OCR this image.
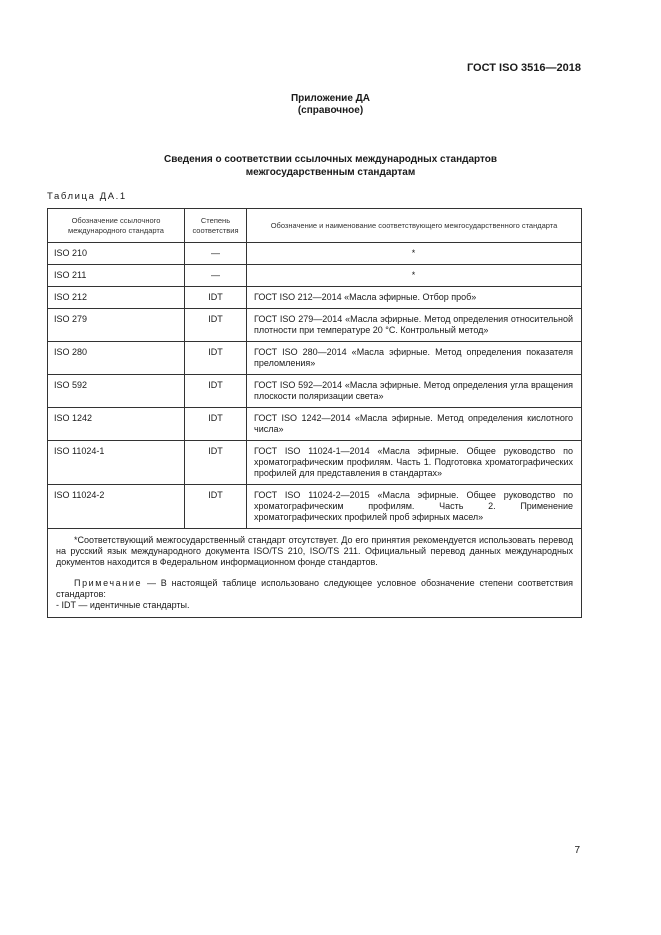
ГОСТ ISO 3516—2018
Приложение ДА
(справочное)
Сведения о соответствии ссылочных международных стандартов
межгосударственным стандартам
Таблица ДА.1
Обозначение ссылочного международного стандарта	Степень соответствия	Обозначение и наименование соответствующего межгосударственного стандарта

ISO 210	—	*
ISO 211	—	*
ISO 212	IDT	ГОСТ ISO 212—2014 «Масла эфирные. Отбор проб»
ISO 279	IDT	ГОСТ ISO 279—2014 «Масла эфирные. Метод определения относительной плотности при температуре 20 °С. Контрольный метод»
ISO 280	IDT	ГОСТ ISO 280—2014 «Масла эфирные. Метод определения показателя преломления»
ISO 592	IDT	ГОСТ ISO 592—2014 «Масла эфирные. Метод определения угла вращения плоскости поляризации света»
ISO 1242	IDT	ГОСТ ISO 1242—2014 «Масла эфирные. Метод определения кислотного числа»
ISO 11024-1	IDT	ГОСТ ISO 11024-1—2014 «Масла эфирные. Общее руководство по хроматографическим профилям. Часть 1. Подготовка хроматографических профилей для представления в стандартах»
ISO 11024-2	IDT	ГОСТ ISO 11024-2—2015 «Масла эфирные. Общее руководство по хроматографическим профилям. Часть 2. Применение хроматографических профилей проб эфирных масел»

*Соответствующий межгосударственный стандарт отсутствует. До его принятия рекомендуется использовать перевод на русский язык международного документа ISO/TS 210, ISO/TS 211. Официальный перевод данных международных документов находится в Федеральном информационном фонде стандартов.
Примечание — В настоящей таблице использовано следующее условное обозначение степени соответствия стандартов:
- IDT — идентичные стандарты.		
7
